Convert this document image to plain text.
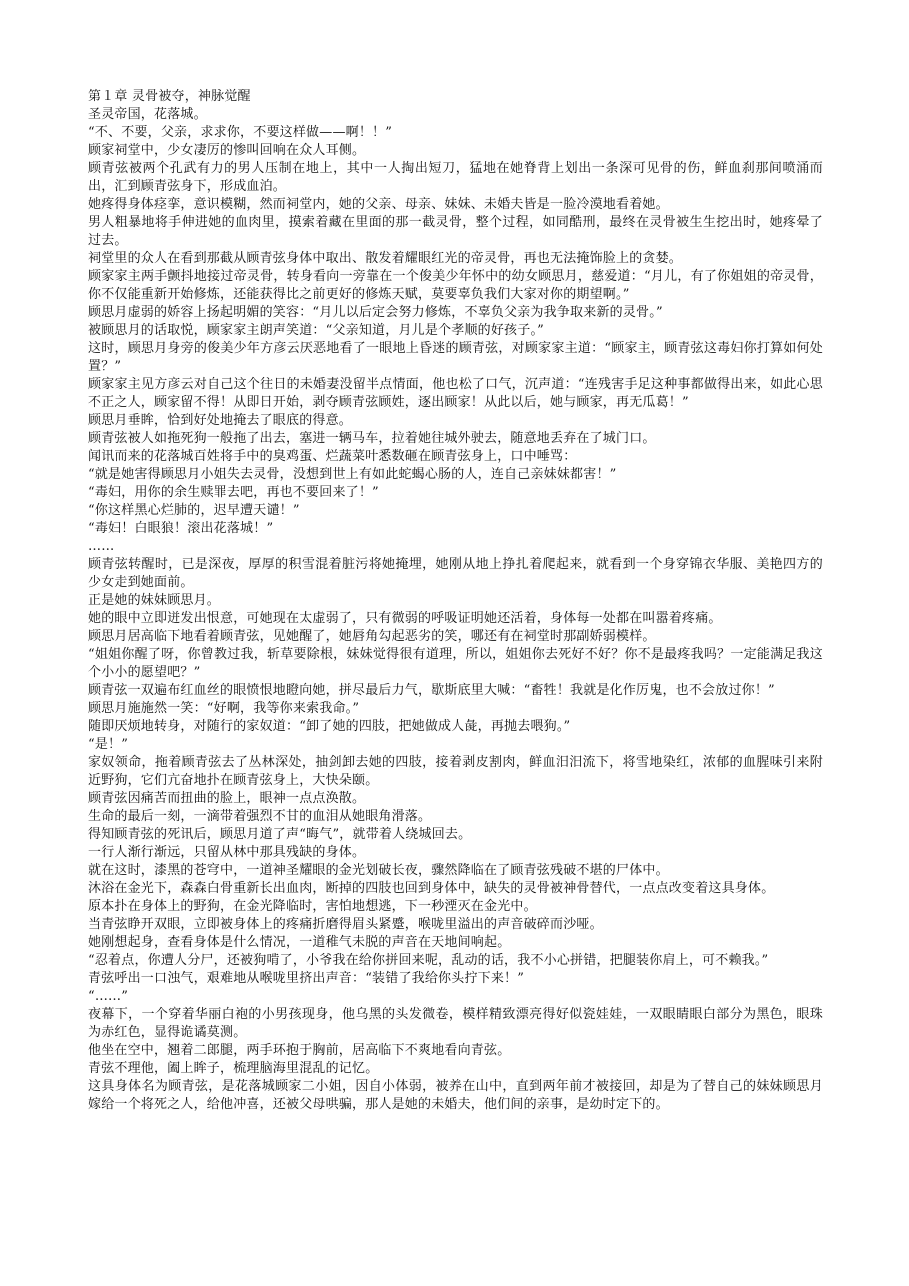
第１章 灵骨被夺，神脉觉醒

圣灵帝国，花落城。

“不、不要，父亲，求求你，不要这样做——啊！！”

顾家祠堂中，少女凄厉的惨叫回响在众人耳侧。

顾青弦被两个孔武有力的男人压制在地上，其中一人掏出短刀，猛地在她脊背上划出一条深可见骨的伤，鲜血刹那间喷涌而出，汇到顾青弦身下，形成血泊。

她疼得身体痉挛，意识模糊，然而祠堂内，她的父亲、母亲、妹妹、未婚夫皆是一脸冷漠地看着她。

男人粗暴地将手伸进她的血肉里，摸索着藏在里面的那一截灵骨，整个过程，如同酷刑，最终在灵骨被生生挖出时，她疼晕了过去。

祠堂里的众人在看到那截从顾青弦身体中取出、散发着耀眼红光的帝灵骨，再也无法掩饰脸上的贪婪。

顾家家主两手颤抖地接过帝灵骨，转身看向一旁靠在一个俊美少年怀中的幼女顾思月，慈爱道：“月儿，有了你姐姐的帝灵骨，你不仅能重新开始修炼，还能获得比之前更好的修炼天赋，莫要辜负我们大家对你的期望啊。”

顾思月虚弱的娇容上扬起明媚的笑容：“月儿以后定会努力修炼，不辜负父亲为我争取来新的灵骨。”

被顾思月的话取悦，顾家家主朗声笑道：“父亲知道，月儿是个孝顺的好孩子。”

这时，顾思月身旁的俊美少年方彦云厌恶地看了一眼地上昏迷的顾青弦，对顾家家主道：“顾家主，顾青弦这毒妇你打算如何处置？”

顾家家主见方彦云对自己这个往日的未婚妻没留半点情面，他也松了口气，沉声道：“连残害手足这种事都做得出来，如此心思不正之人，顾家留不得！从即日开始，剥夺顾青弦顾姓，逐出顾家！从此以后，她与顾家，再无瓜葛！”

顾思月垂眸，恰到好处地掩去了眼底的得意。

顾青弦被人如拖死狗一般拖了出去，塞进一辆马车，拉着她往城外驶去，随意地丢弃在了城门口。

闻讯而来的花落城百姓将手中的臭鸡蛋、烂蔬菜叶悉数砸在顾青弦身上，口中唾骂：

“就是她害得顾思月小姐失去灵骨，没想到世上有如此蛇蝎心肠的人，连自己亲妹妹都害！”

“毒妇，用你的余生赎罪去吧，再也不要回来了！”

“你这样黑心烂肺的，迟早遭天谴！”

“毒妇！白眼狼！滚出花落城！”

……

顾青弦转醒时，已是深夜，厚厚的积雪混着脏污将她掩埋，她刚从地上挣扎着爬起来，就看到一个身穿锦衣华服、美艳四方的少女走到她面前。

正是她的妹妹顾思月。

她的眼中立即迸发出恨意，可她现在太虚弱了，只有微弱的呼吸证明她还活着，身体每一处都在叫嚣着疼痛。

顾思月居高临下地看着顾青弦，见她醒了，她唇角勾起恶劣的笑，哪还有在祠堂时那副娇弱模样。

“姐姐你醒了呀，你曾教过我，斩草要除根，妹妹觉得很有道理，所以，姐姐你去死好不好？你不是最疼我吗？一定能满足我这个小小的愿望吧？”

顾青弦一双遍布红血丝的眼愤恨地瞪向她，拼尽最后力气，歇斯底里大喊：“畜牲！我就是化作厉鬼，也不会放过你！”

顾思月施施然一笑：“好啊，我等你来索我命。”

随即厌烦地转身，对随行的家奴道：“卸了她的四肢，把她做成人彘，再抛去喂狗。”

“是！”

家奴领命，拖着顾青弦去了丛林深处，抽剑卸去她的四肢，接着剥皮割肉，鲜血汨汨流下，将雪地染红，浓郁的血腥味引来附近野狗，它们亢奋地扑在顾青弦身上，大快朵颐。

顾青弦因痛苦而扭曲的脸上，眼神一点点涣散。

生命的最后一刻，一滴带着强烈不甘的血泪从她眼角滑落。

得知顾青弦的死讯后，顾思月道了声“晦气”，就带着人绕城回去。

一行人渐行渐远，只留从林中那具残缺的身体。

就在这时，漆黑的苍穹中，一道神圣耀眼的金光划破长夜，骤然降临在了顾青弦残破不堪的尸体中。

沐浴在金光下，森森白骨重新长出血肉，断掉的四肢也回到身体中，缺失的灵骨被神骨替代，一点点改变着这具身体。

原本扑在身体上的野狗，在金光降临时，害怕地想逃，下一秒湮灭在金光中。

当青弦睁开双眼，立即被身体上的疼痛折磨得眉头紧蹙，喉咙里溢出的声音破碎而沙哑。

她刚想起身，查看身体是什么情况，一道稚气未脱的声音在天地间响起。

“忍着点，你遭人分尸，还被狗啃了，小爷我在给你拼回来呢，乱动的话，我不小心拼错，把腿装你肩上，可不赖我。”

青弦呼出一口浊气，艰难地从喉咙里挤出声音：“装错了我给你头拧下来！”

“……”

夜幕下，一个穿着华丽白袍的小男孩现身，他乌黑的头发微卷，模样精致漂亮得好似瓷娃娃，一双眼睛眼白部分为黑色，眼珠为赤红色，显得诡谲莫测。

他坐在空中，翘着二郎腿，两手环抱于胸前，居高临下不爽地看向青弦。

青弦不理他，阖上眸子，梳理脑海里混乱的记忆。

这具身体名为顾青弦，是花落城顾家二小姐，因自小体弱，被养在山中，直到两年前才被接回，却是为了替自己的妹妹顾思月嫁给一个将死之人，给他冲喜，还被父母哄骗，那人是她的未婚夫，他们间的亲事，是幼时定下的。
